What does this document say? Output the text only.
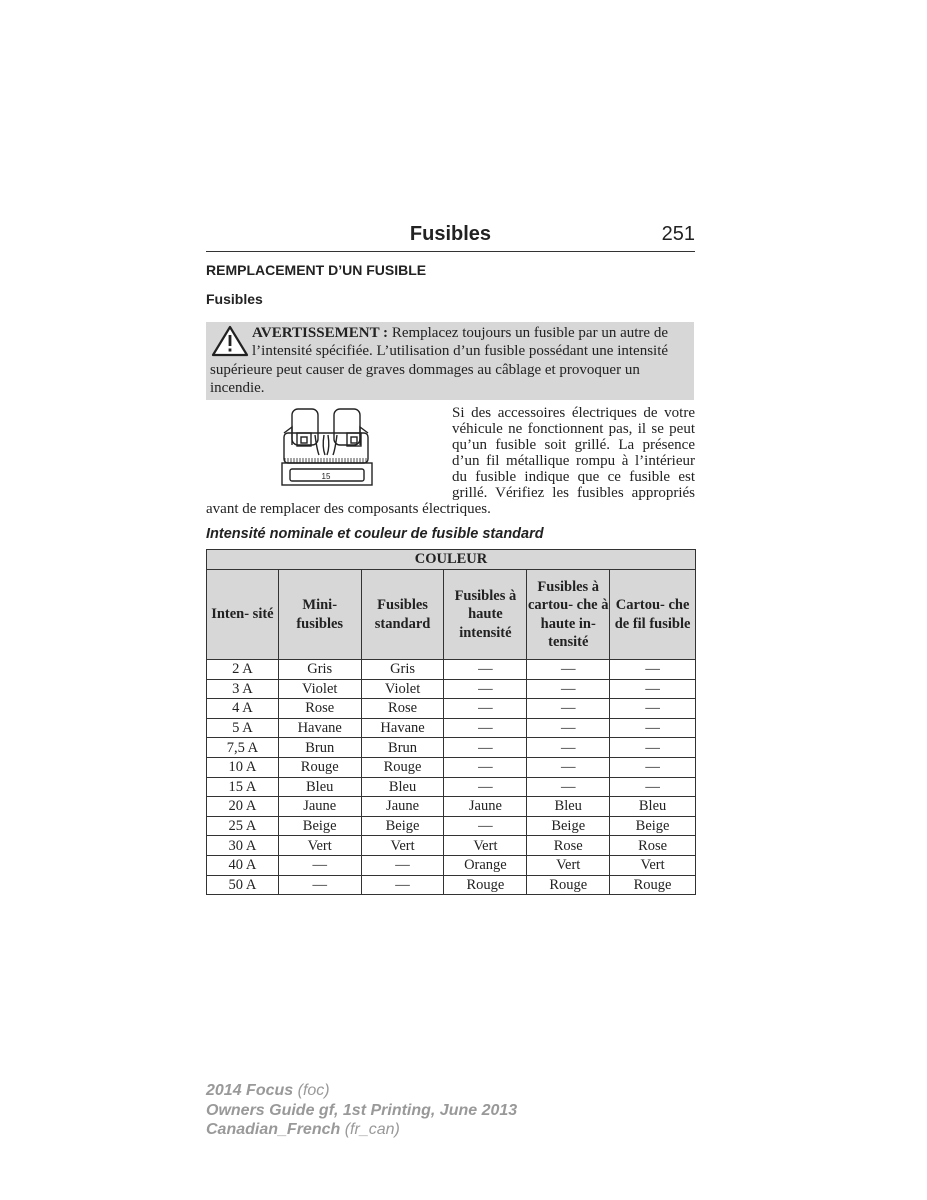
Fusibles	251
REMPLACEMENT D’UN FUSIBLE
Fusibles
AVERTISSEMENT : Remplacez toujours un fusible par un autre de l’intensité spécifiée. L’utilisation d’un fusible possédant une intensité supérieure peut causer de graves dommages au câblage et provoquer un incendie.
15
Si des accessoires électriques de votre véhicule ne fonctionnent pas, il se peut qu’un fusible soit grillé. La présence d’un fil métallique rompu à l’intérieur du fusible indique que ce fusible est grillé. Vérifiez les fusibles appropriés avant de remplacer des composants électriques.
Intensité nominale et couleur de fusible standard
COULEUR					
Inten- sité	Mini- fusibles	Fusibles standard	Fusibles à haute intensité	Fusibles à cartou- che à haute in- tensité	Cartou- che de fil fusible
2 A	Gris	Gris	—	—	—
3 A	Violet	Violet	—	—	—
4 A	Rose	Rose	—	—	—
5 A	Havane	Havane	—	—	—
7,5 A	Brun	Brun	—	—	—
10 A	Rouge	Rouge	—	—	—
15 A	Bleu	Bleu	—	—	—
20 A	Jaune	Jaune	Jaune	Bleu	Bleu
25 A	Beige	Beige	—	Beige	Beige
30 A	Vert	Vert	Vert	Rose	Rose
40 A	—	—	Orange	Vert	Vert
50 A	—	—	Rouge	Rouge	Rouge
2014 Focus (foc)
Owners Guide gf, 1st Printing, June 2013
Canadian_French (fr_can)
